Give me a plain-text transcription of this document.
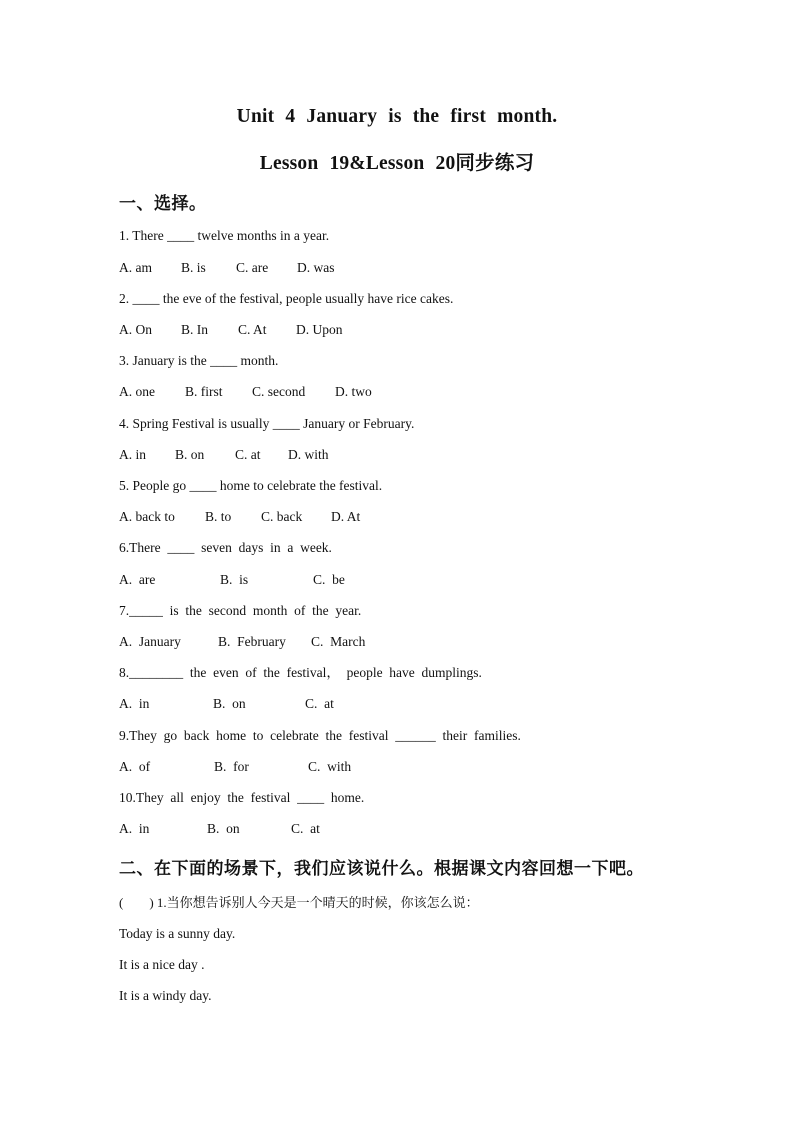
Unit 4 January is the first month.
Lesson 19&Lesson 20同步练习
一、选择。
1. There ____ twelve months in a year.
A. am B. is C. are D. was
2. ____ the eve of the festival, people usually have rice cakes.
A. On B. In C. At D. Upon
3. January is the ____ month.
A. one B. first C. second D. two
4. Spring Festival is usually ____ January or February.
A. in B. on C. at D. with
5. People go ____ home to celebrate the festival.
A. back to B. to C. back D. At
6.There  ____  seven  days  in  a  week.
A.  are	B.  is	C.  be
7._____  is  the  second  month  of  the  year.
A.  January	B.  February C.  March
8.________  the  even  of  the  festival，  people  have  dumplings.
A.  in	B.  on	C.  at
9.They  go  back  home  to  celebrate  the  festival  ______  their  families.
A.  of	B.  for	C.  with
10.They  all  enjoy  the  festival  ____  home.
A.  in	B.  on	C.  at
二、在下面的场景下，我们应该说什么。根据课文内容回想一下吧。
(        ) 1.当你想告诉别人今天是一个晴天的时候，你该怎么说：
Today is a sunny day.
It is a nice day .
It is a windy day.
